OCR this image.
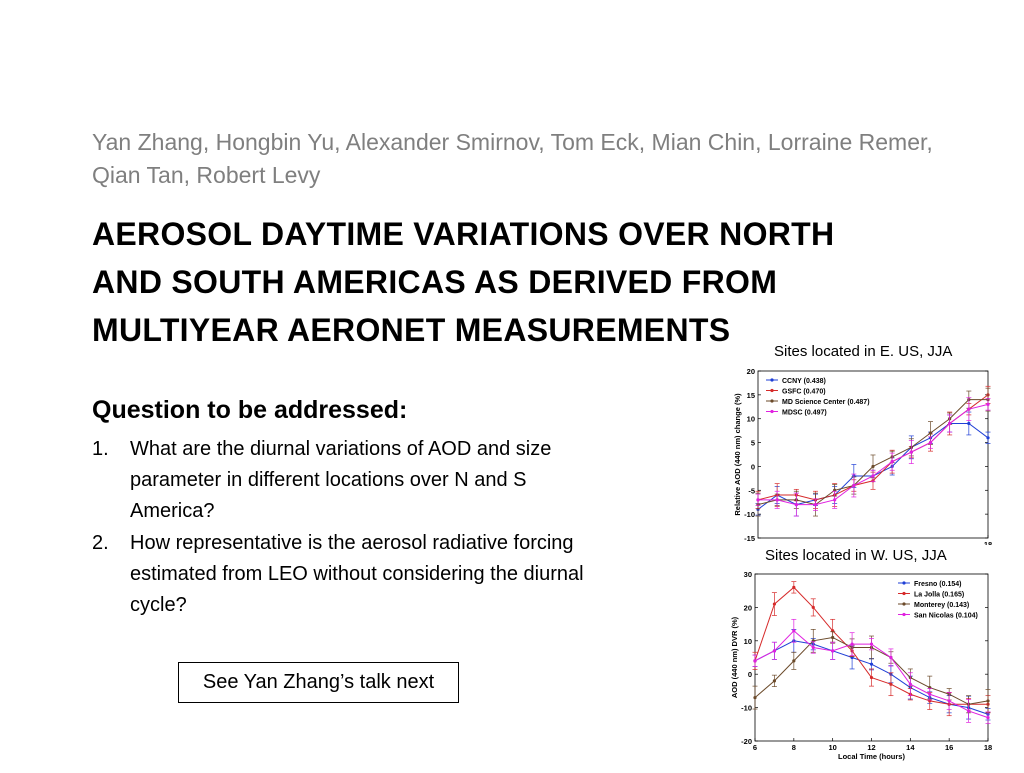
Yan Zhang, Hongbin Yu, Alexander Smirnov, Tom Eck, Mian Chin, Lorraine Remer, Qian Tan, Robert Levy
AEROSOL DAYTIME VARIATIONS OVER NORTH AND SOUTH AMERICAS AS DERIVED FROM MULTIYEAR AERONET MEASUREMENTS
Question to be addressed:
1. What are the diurnal variations of AOD and size parameter in different locations over N and S America?
2. How representative is the aerosol radiative forcing estimated from LEO without considering the diurnal cycle?
See Yan Zhang’s talk next
Sites located in E. US, JJA
Sites located in W. US, JJA
-15
-10
-5
0
5
10
15
20
18
Relative AOD (440 nm) change (%)
CCNY (0.438)
GSFC (0.470)
MD Science Center (0.487)
MDSC (0.497)
-20
-10
0
10
20
30
6	8	10	12	14	16	18
AOD (440 nm) DVR (%)
Local Time (hours)
Fresno (0.154)
La Jolla (0.165)
Monterey (0.143)
San Nicolas (0.104)
